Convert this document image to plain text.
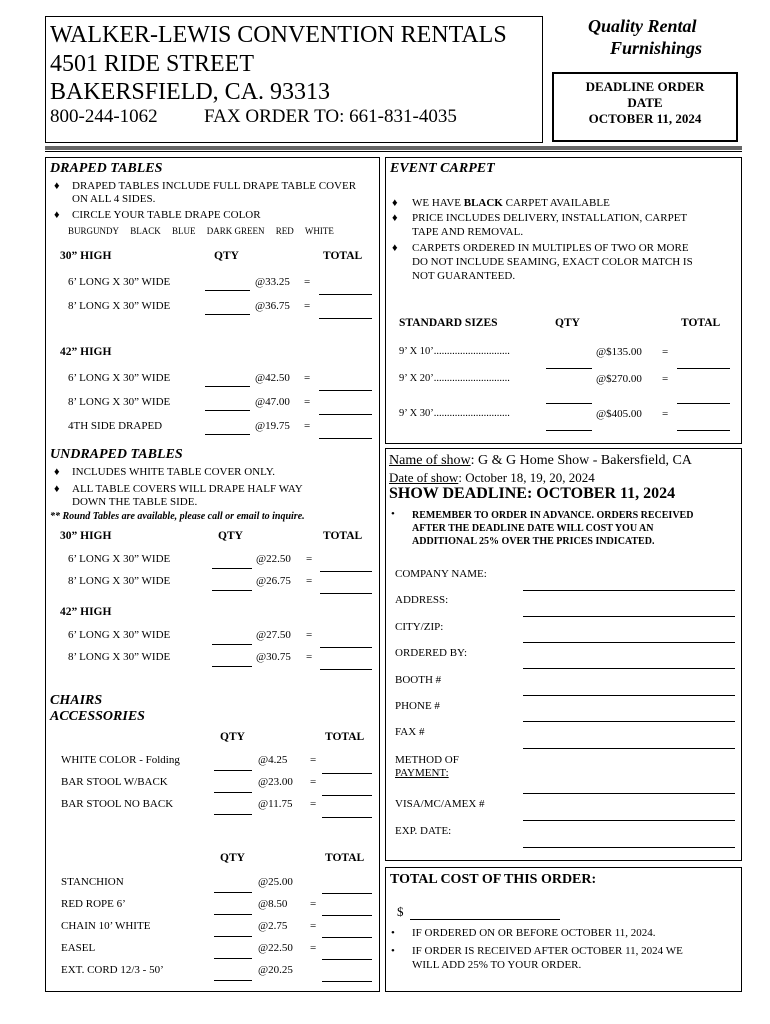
WALKER-LEWIS CONVENTION RENTALS
4501 RIDE STREET
BAKERSFIELD, CA. 93313
800-244-1062 FAX ORDER TO: 661-831-4035
Quality Rental
Furnishings
DEADLINE ORDER
DATE
OCTOBER 11, 2024
DRAPED TABLES
♦ DRAPED TABLES INCLUDE FULL DRAPE TABLE COVER ON ALL 4 SIDES.
♦ CIRCLE YOUR TABLE DRAPE COLOR
BURGUNDY BLACK BLUE DARK GREEN RED WHITE
30” HIGH	QTY	TOTAL
6’ LONG X 30” WIDE	@33.25 =
8’ LONG X 30” WIDE	@36.75 =
42” HIGH
6’ LONG X 30” WIDE	@42.50 =
8’ LONG X 30” WIDE	@47.00 =
4TH SIDE DRAPED	@19.75 =
UNDRAPED TABLES
♦ INCLUDES WHITE TABLE COVER ONLY.
♦ ALL TABLE COVERS WILL DRAPE HALF WAY
DOWN THE TABLE SIDE.
** Round Tables are available, please call or email to inquire.
30” HIGH	QTY	TOTAL
6’ LONG X 30” WIDE	@22.50 =
8’ LONG X 30” WIDE	@26.75 =
42” HIGH
6’ LONG X 30” WIDE	@27.50 =
8’ LONG X 30” WIDE	@30.75 =
CHAIRS
ACCESSORIES
QTY	TOTAL
WHITE COLOR - Folding	@4.25 =
BAR STOOL W/BACK	@23.00 =
BAR STOOL NO BACK	@11.75 =
QTY	TOTAL
STANCHION	@25.00
RED ROPE 6’	@8.50 =
CHAIN 10’ WHITE	@2.75 =
EASEL	@22.50 =
EXT. CORD 12/3 - 50’	@20.25
EVENT CARPET
♦ WE HAVE BLACK CARPET AVAILABLE
♦ PRICE INCLUDES DELIVERY, INSTALLATION, CARPET
TAPE AND REMOVAL.
♦ CARPETS ORDERED IN MULTIPLES OF TWO OR MORE
DO NOT INCLUDE SEAMING, EXACT COLOR MATCH IS
NOT GUARANTEED.
STANDARD SIZES	QTY	TOTAL
9’ X 10’.............................	@$135.00 =
9’ X 20’.............................	@$270.00 =
9’ X 30’.............................	@$405.00 =
Name of show: G & G Home Show - Bakersfield, CA
Date of show: October 18, 19, 20, 2024
SHOW DEADLINE: OCTOBER 11, 2024
• REMEMBER TO ORDER IN ADVANCE. ORDERS RECEIVED
AFTER THE DEADLINE DATE WILL COST YOU AN
ADDITIONAL 25% OVER THE PRICES INDICATED.
COMPANY NAME:
ADDRESS:
CITY/ZIP:
ORDERED BY:
BOOTH #
PHONE #
FAX #
METHOD OF
PAYMENT:
VISA/MC/AMEX #
EXP. DATE:
TOTAL COST OF THIS ORDER:
$
• IF ORDERED ON OR BEFORE OCTOBER 11, 2024.
• IF ORDER IS RECEIVED AFTER OCTOBER 11, 2024 WE
WILL ADD 25% TO YOUR ORDER.
